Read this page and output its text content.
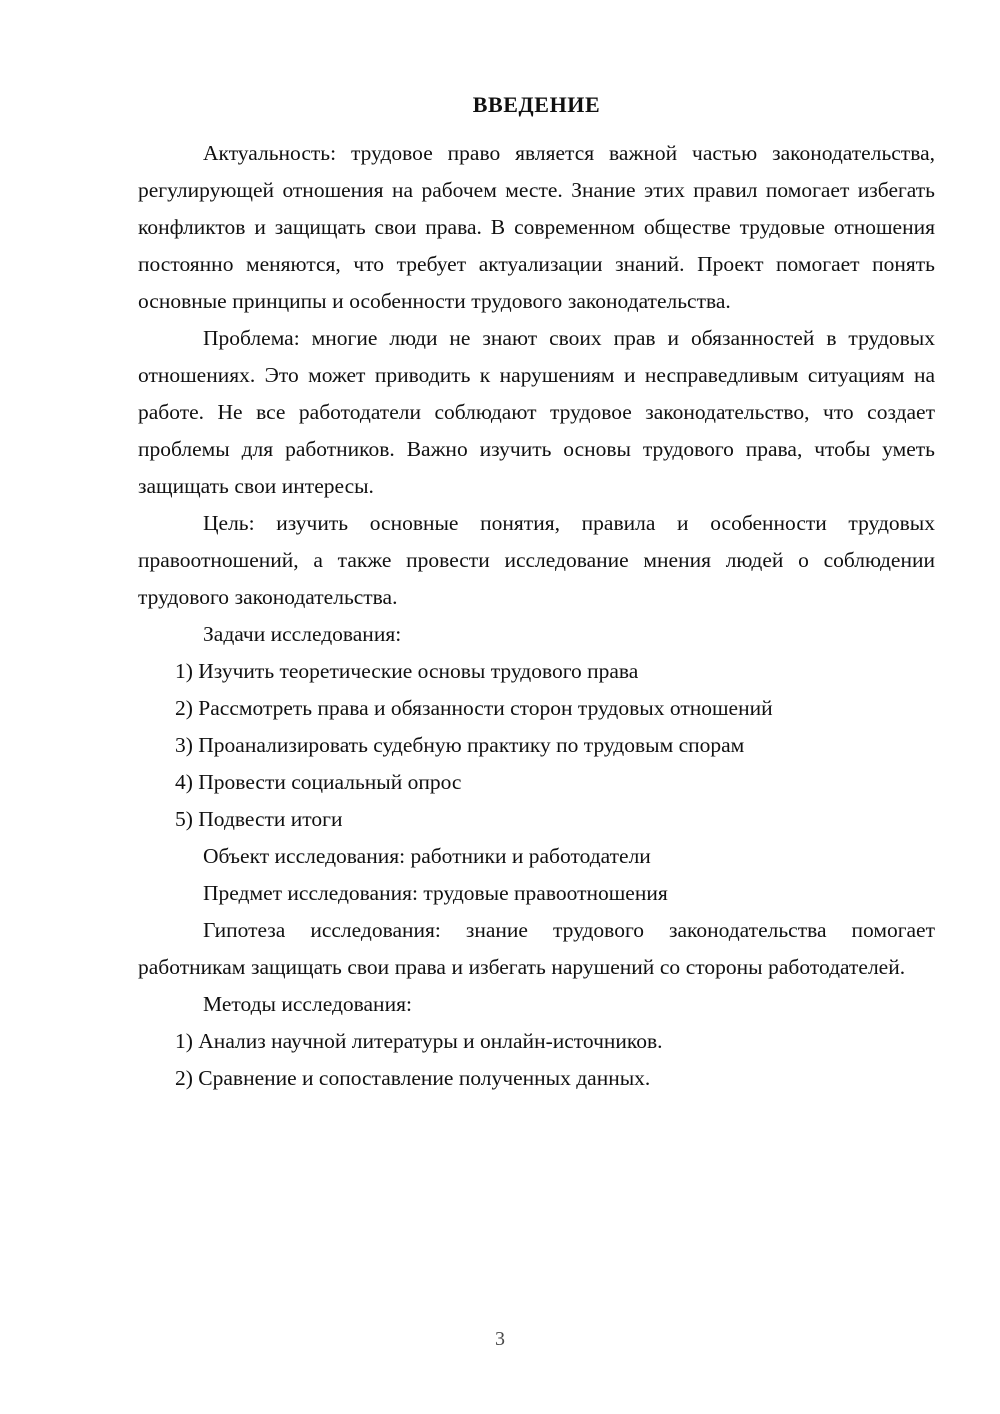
ВВЕДЕНИЕ

Актуальность: трудовое право является важной частью законодательства, регулирующей отношения на рабочем месте. Знание этих правил помогает избегать конфликтов и защищать свои права. В современном обществе трудовые отношения постоянно меняются, что требует актуализации знаний. Проект помогает понять основные принципы и особенности трудового законодательства.

Проблема: многие люди не знают своих прав и обязанностей в трудовых отношениях. Это может приводить к нарушениям и несправедливым ситуациям на работе. Не все работодатели соблюдают трудовое законодательство, что создает проблемы для работников. Важно изучить основы трудового права, чтобы уметь защищать свои интересы.

Цель: изучить основные понятия, правила и особенности трудовых правоотношений, а также провести исследование мнения людей о соблюдении трудового законодательства.

Задачи исследования:

1) Изучить теоретические основы трудового права
2) Рассмотреть права и обязанности сторон трудовых отношений
3) Проанализировать судебную практику по трудовым спорам
4) Провести социальный опрос
5) Подвести итоги

Объект исследования: работники и работодатели

Предмет исследования: трудовые правоотношения

Гипотеза исследования: знание трудового законодательства помогает работникам защищать свои права и избегать нарушений со стороны работодателей.

Методы исследования:

1) Анализ научной литературы и онлайн-источников.
2) Сравнение и сопоставление полученных данных.
3
